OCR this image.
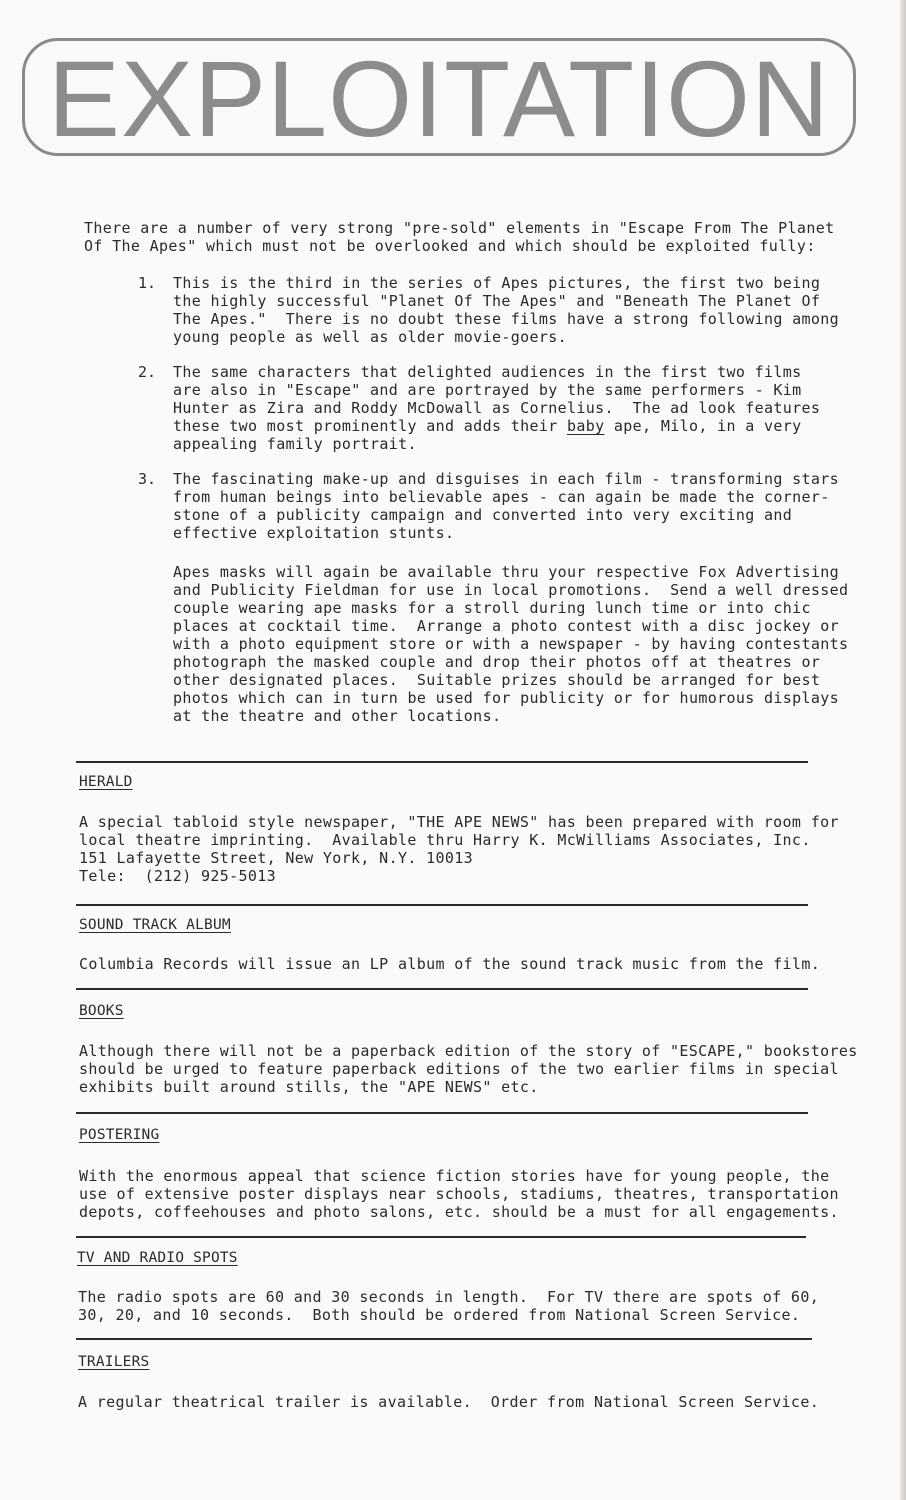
EXPLOITATION
There are a number of very strong "pre-sold" elements in "Escape From The Planet
Of The Apes" which must not be overlooked and which should be exploited fully:
1. This is the third in the series of Apes pictures, the first two being
the highly successful "Planet Of The Apes" and "Beneath The Planet Of
The Apes."  There is no doubt these films have a strong following among
young people as well as older movie-goers.
2. The same characters that delighted audiences in the first two films
are also in "Escape" and are portrayed by the same performers - Kim
Hunter as Zira and Roddy McDowall as Cornelius.  The ad look features
these two most prominently and adds their baby ape, Milo, in a very
appealing family portrait.
3. The fascinating make-up and disguises in each film - transforming stars
from human beings into believable apes - can again be made the corner-
stone of a publicity campaign and converted into very exciting and
effective exploitation stunts.
Apes masks will again be available thru your respective Fox Advertising
and Publicity Fieldman for use in local promotions.  Send a well dressed
couple wearing ape masks for a stroll during lunch time or into chic
places at cocktail time.  Arrange a photo contest with a disc jockey or
with a photo equipment store or with a newspaper - by having contestants
photograph the masked couple and drop their photos off at theatres or
other designated places.  Suitable prizes should be arranged for best
photos which can in turn be used for publicity or for humorous displays
at the theatre and other locations.
HERALD
A special tabloid style newspaper, "THE APE NEWS" has been prepared with room for
local theatre imprinting.  Available thru Harry K. McWilliams Associates, Inc.
151 Lafayette Street, New York, N.Y. 10013
Tele:  (212) 925-5013
SOUND TRACK ALBUM
Columbia Records will issue an LP album of the sound track music from the film.
BOOKS
Although there will not be a paperback edition of the story of "ESCAPE," bookstores
should be urged to feature paperback editions of the two earlier films in special
exhibits built around stills, the "APE NEWS" etc.
POSTERING
With the enormous appeal that science fiction stories have for young people, the
use of extensive poster displays near schools, stadiums, theatres, transportation
depots, coffeehouses and photo salons, etc. should be a must for all engagements.
TV AND RADIO SPOTS
The radio spots are 60 and 30 seconds in length.  For TV there are spots of 60,
30, 20, and 10 seconds.  Both should be ordered from National Screen Service.
TRAILERS
A regular theatrical trailer is available.  Order from National Screen Service.
